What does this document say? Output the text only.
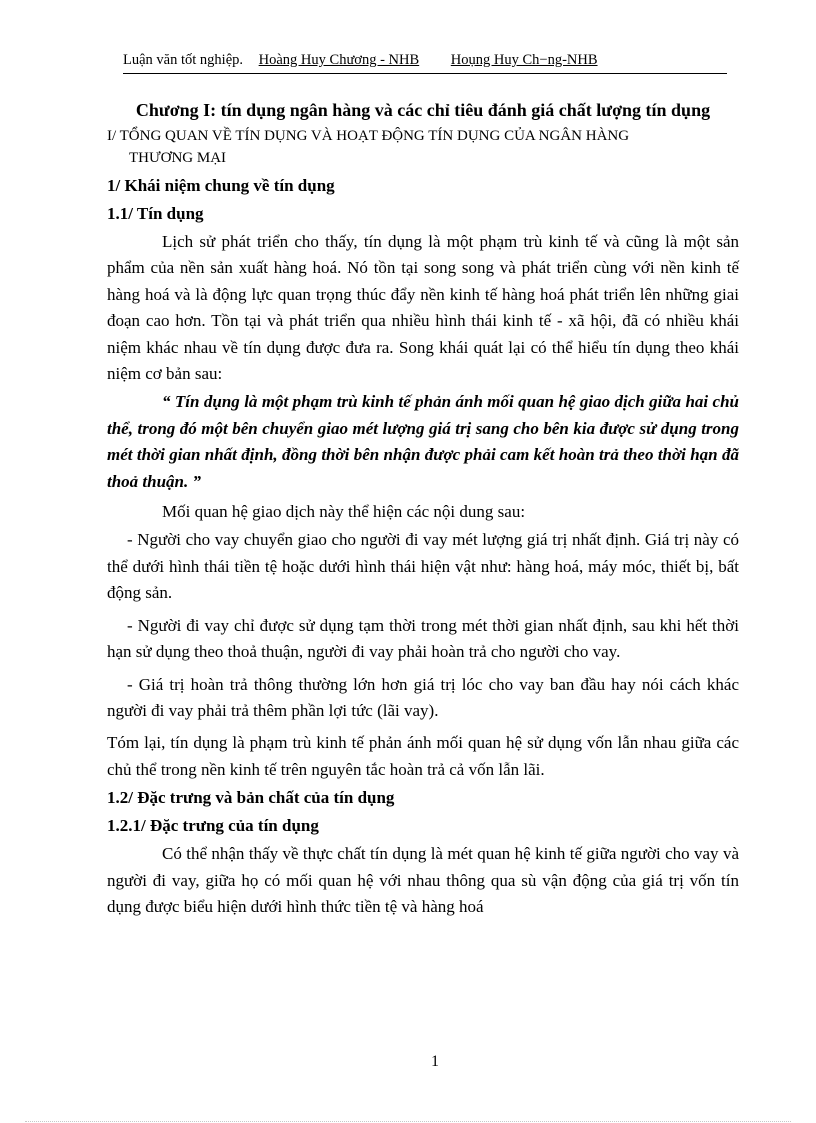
Luận văn tốt nghiệp. Hoàng Huy Chương - NHB Hoụng Huy Ch−ng-NHB
Chương I: tín dụng ngân hàng và các chỉ tiêu đánh giá chất lượng tín dụng
I/ TỔNG QUAN VỀ TÍN DỤNG VÀ HOẠT ĐỘNG TÍN DỤNG CỦA NGÂN HÀNG
THƯƠNG MẠI
1/ Khái niệm chung về tín dụng
1.1/ Tín dụng

Lịch sử phát triển cho thấy, tín dụng là một phạm trù kinh tế và cũng là một sản phẩm của nền sản xuất hàng hoá. Nó tồn tại song song và phát triển cùng với nền kinh tế hàng hoá và là động lực quan trọng thúc đẩy nền kinh tế hàng hoá phát triển lên những giai đoạn cao hơn. Tồn tại và phát triển qua nhiều hình thái kinh tế - xã hội, đã có nhiều khái niệm khác nhau về tín dụng được đưa ra. Song khái quát lại có thể hiểu tín dụng theo khái niệm cơ bản sau:

“ Tín dụng là một phạm trù kinh tế phản ánh mối quan hệ giao dịch giữa hai chủ thể, trong đó một bên chuyển giao mét lượng giá trị sang cho bên kia được sử dụng trong mét thời gian nhất định, đồng thời bên nhận được phải cam kết hoàn trả theo thời hạn đã thoả thuận. ”

Mối quan hệ giao dịch này thể hiện các nội dung sau:

- Người cho vay chuyển giao cho người đi vay mét lượng giá trị nhất định. Giá trị này có thể dưới hình thái tiền tệ hoặc dưới hình thái hiện vật như: hàng hoá, máy móc, thiết bị, bất động sản.

- Người đi vay chỉ được sử dụng tạm thời trong mét thời gian nhất định, sau khi hết thời hạn sử dụng theo thoả thuận, người đi vay phải hoàn trả cho người cho vay.

- Giá trị hoàn trả thông thường lớn hơn giá trị lóc cho vay ban đầu hay nói cách khác người đi vay phải trả thêm phần lợi tức (lãi vay).

Tóm lại, tín dụng là phạm trù kinh tế phản ánh mối quan hệ sử dụng vốn lẫn nhau giữa các chủ thể trong nền kinh tế trên nguyên tắc hoàn trả cả vốn lẫn lãi.

1.2/ Đặc trưng và bản chất của tín dụng
1.2.1/ Đặc trưng của tín dụng

Có thể nhận thấy về thực chất tín dụng là mét quan hệ kinh tế giữa người cho vay và người đi vay, giữa họ có mối quan hệ với nhau thông qua sù vận động của giá trị vốn tín dụng được biểu hiện dưới hình thức tiền tệ và hàng hoá

1
